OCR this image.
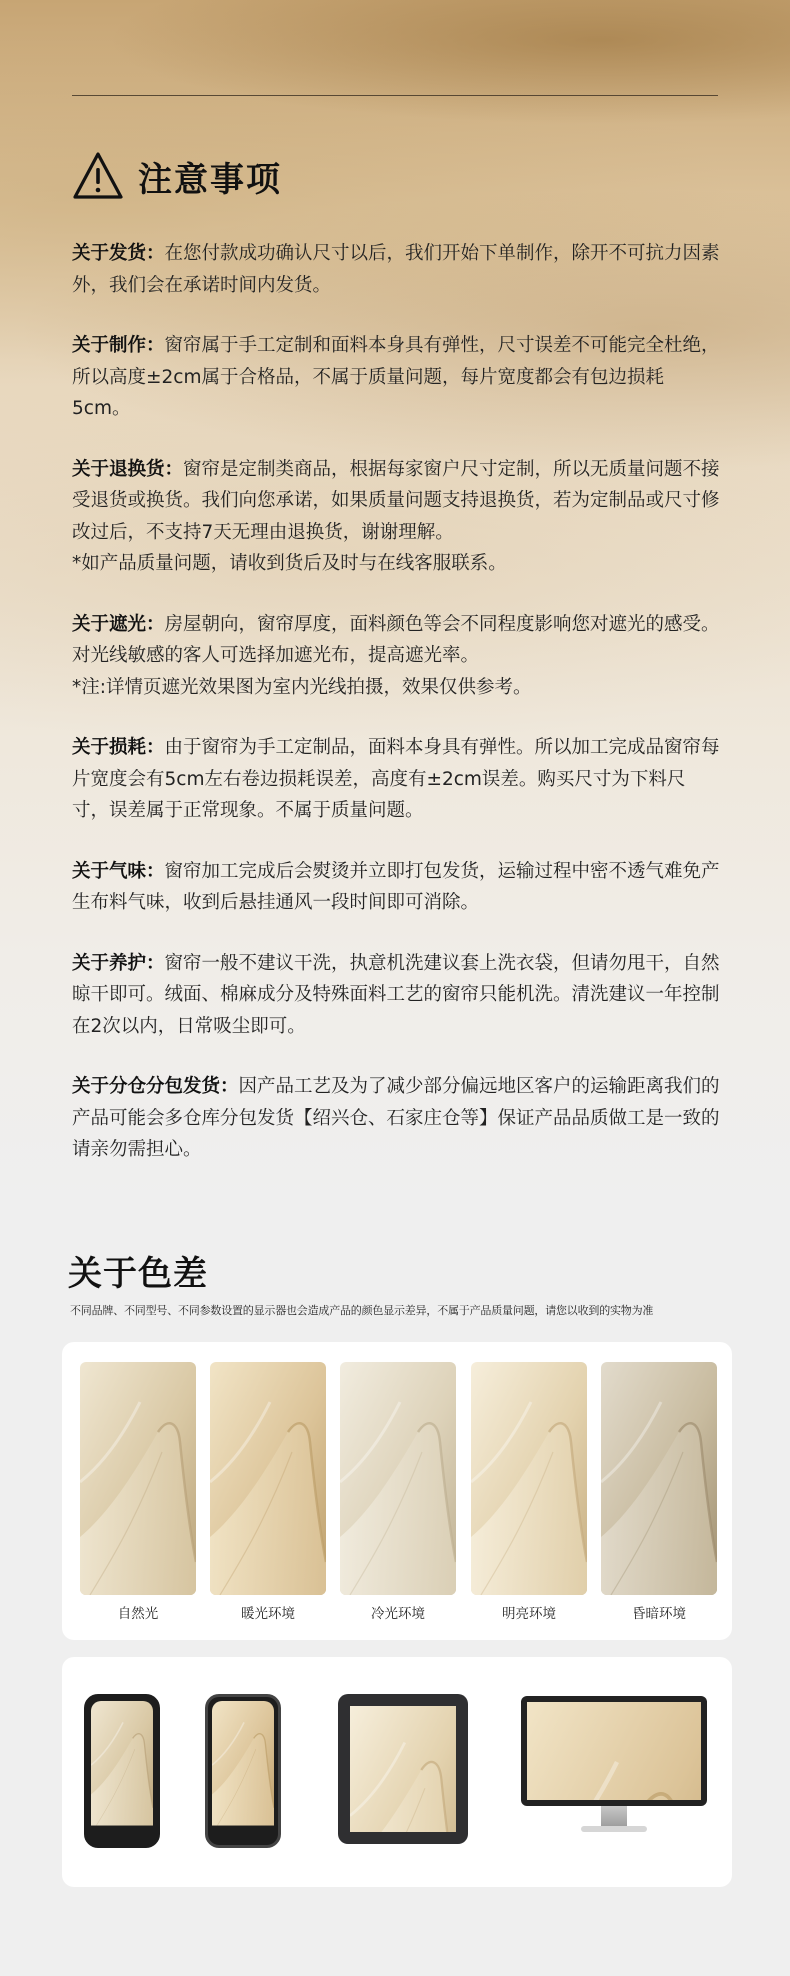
注意事项

关于发货：在您付款成功确认尺寸以后，我们开始下单制作，除开不可抗力因素外，我们会在承诺时间内发货。

关于制作：窗帘属于手工定制和面料本身具有弹性，尺寸误差不可能完全杜绝，所以高度±2cm属于合格品，不属于质量问题，每片宽度都会有包边损耗5cm。

关于退换货：窗帘是定制类商品，根据每家窗户尺寸定制，所以无质量问题不接受退货或换货。我们向您承诺，如果质量问题支持退换货，若为定制品或尺寸修改过后，不支持7天无理由退换货，谢谢理解。
*如产品质量问题，请收到货后及时与在线客服联系。

关于遮光：房屋朝向，窗帘厚度，面料颜色等会不同程度影响您对遮光的感受。对光线敏感的客人可选择加遮光布，提高遮光率。
*注:详情页遮光效果图为室内光线拍摄，效果仅供参考。

关于损耗：由于窗帘为手工定制品，面料本身具有弹性。所以加工完成品窗帘每片宽度会有5cm左右卷边损耗误差，高度有±2cm误差。购买尺寸为下料尺寸，误差属于正常现象。不属于质量问题。

关于气味：窗帘加工完成后会熨烫并立即打包发货，运输过程中密不透气难免产生布料气味，收到后悬挂通风一段时间即可消除。

关于养护：窗帘一般不建议干洗，执意机洗建议套上洗衣袋，但请勿甩干，自然晾干即可。绒面、棉麻成分及特殊面料工艺的窗帘只能机洗。清洗建议一年控制在2次以内，日常吸尘即可。

关于分仓分包发货：因产品工艺及为了减少部分偏远地区客户的运输距离我们的产品可能会多仓库分包发货【绍兴仓、石家庄仓等】保证产品品质做工是一致的请亲勿需担心。

关于色差
不同品牌、不同型号、不同参数设置的显示器也会造成产品的颜色显示差异，不属于产品质量问题，请您以收到的实物为准
自然光	暖光环境	冷光环境	明亮环境	昏暗环境
